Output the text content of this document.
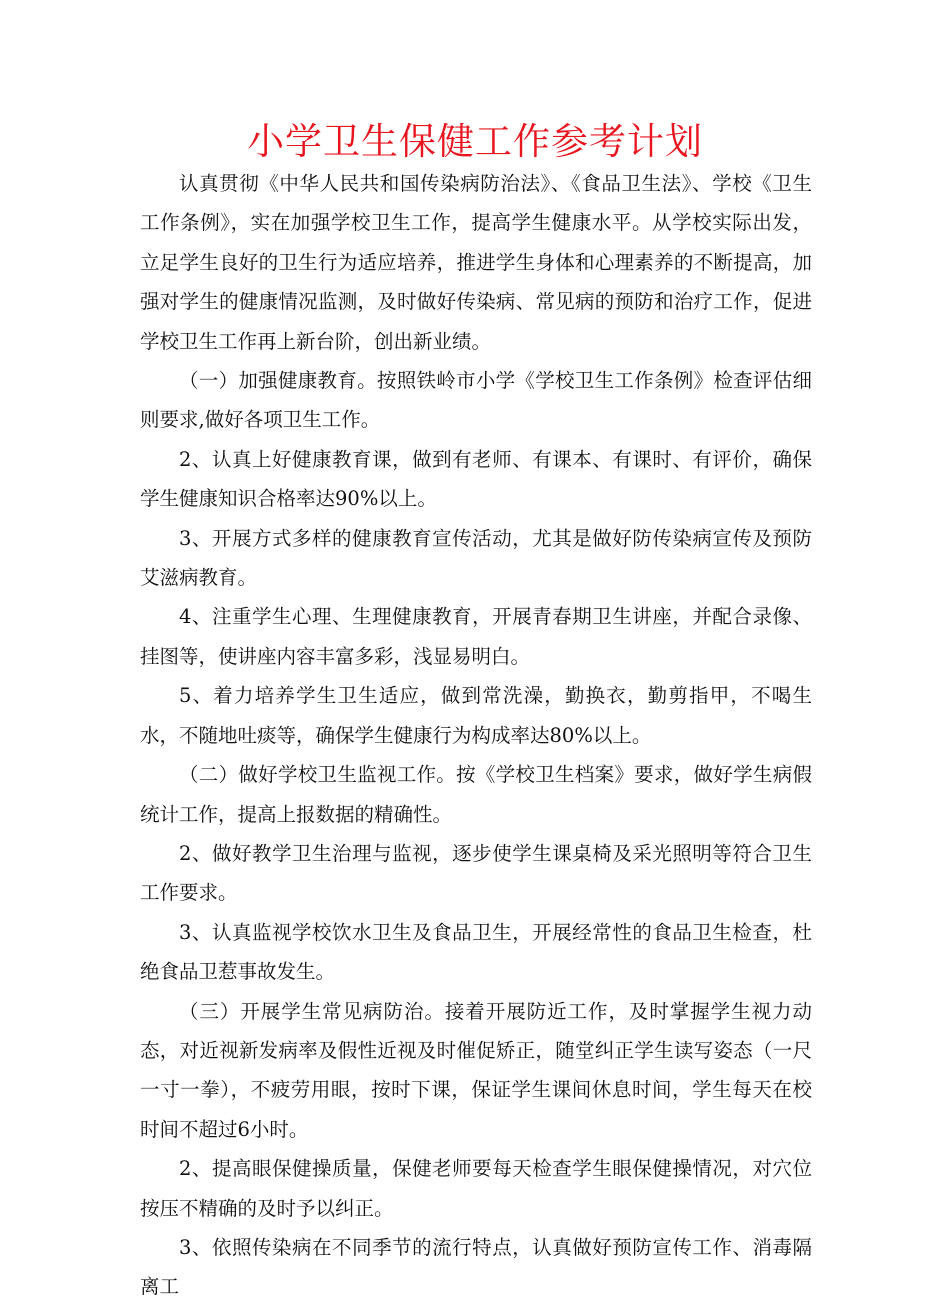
小学卫生保健工作参考计划

认真贯彻《中华人民共和国传染病防治法》、《食品卫生法》、学校《卫生工作条例》，实在加强学校卫生工作，提高学生健康水平。从学校实际出发，立足学生良好的卫生行为适应培养，推进学生身体和心理素养的不断提高，加强对学生的健康情况监测，及时做好传染病、常见病的预防和治疗工作，促进学校卫生工作再上新台阶，创出新业绩。

（一）加强健康教育。按照铁岭市小学《学校卫生工作条例》检查评估细则要求,做好各项卫生工作。

2、认真上好健康教育课，做到有老师、有课本、有课时、有评价，确保学生健康知识合格率达90%以上。

3、开展方式多样的健康教育宣传活动，尤其是做好防传染病宣传及预防艾滋病教育。

4、注重学生心理、生理健康教育，开展青春期卫生讲座，并配合录像、挂图等，使讲座内容丰富多彩，浅显易明白。

5、着力培养学生卫生适应，做到常洗澡，勤换衣，勤剪指甲，不喝生水，不随地吐痰等，确保学生健康行为构成率达80%以上。

（二）做好学校卫生监视工作。按《学校卫生档案》要求，做好学生病假统计工作，提高上报数据的精确性。

2、做好教学卫生治理与监视，逐步使学生课桌椅及采光照明等符合卫生工作要求。

3、认真监视学校饮水卫生及食品卫生，开展经常性的食品卫生检查，杜绝食品卫惹事故发生。

（三）开展学生常见病防治。接着开展防近工作，及时掌握学生视力动态，对近视新发病率及假性近视及时催促矫正，随堂纠正学生读写姿态（一尺一寸一拳），不疲劳用眼，按时下课，保证学生课间休息时间，学生每天在校时间不超过6小时。

2、提高眼保健操质量，保健老师要每天检查学生眼保健操情况，对穴位按压不精确的及时予以纠正。

3、依照传染病在不同季节的流行特点，认真做好预防宣传工作、消毒隔离工
